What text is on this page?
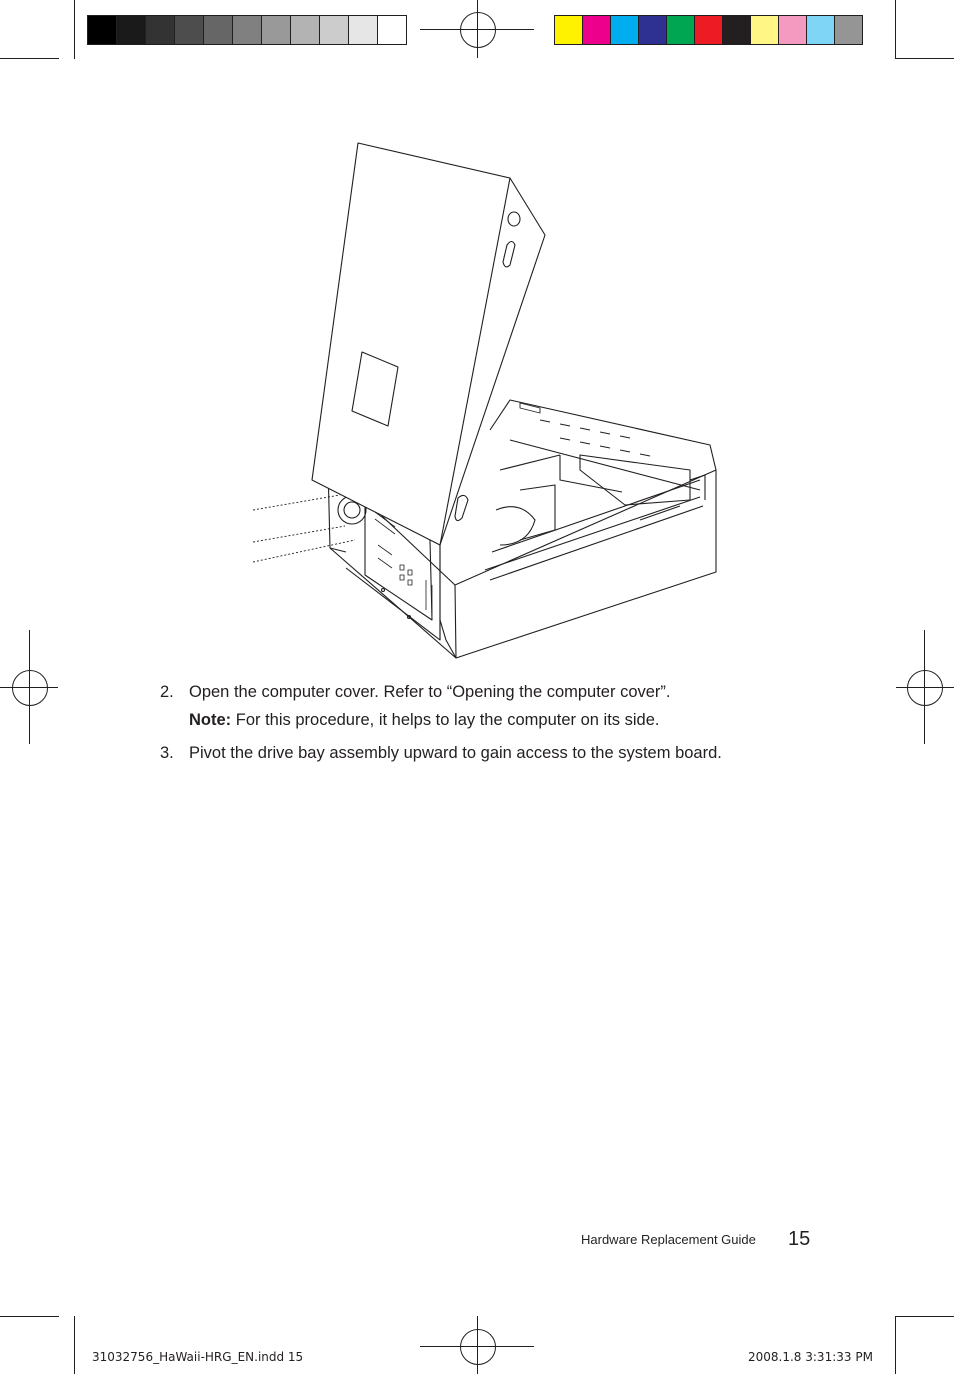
2. Open the computer cover. Refer to “Opening the computer cover”.
Note: For this procedure, it helps to lay the computer on its side.
3. Pivot the drive bay assembly upward to gain access to the system board.
Hardware Replacement Guide 15
31032756_HaWaii-HRG_EN.indd 15	2008.1.8 3:31:33 PM
